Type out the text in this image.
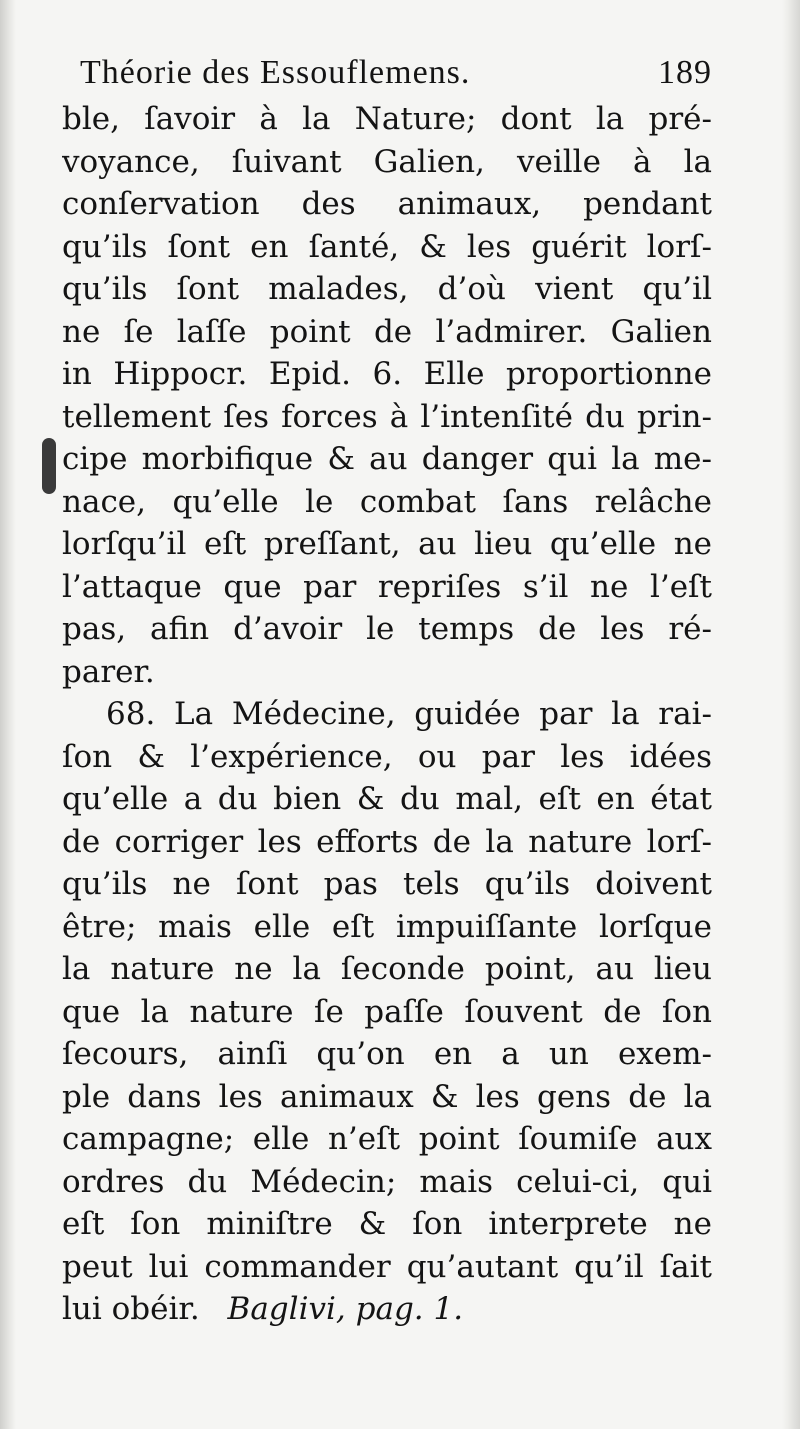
Théorie des Essouflemens.	189
ble, ſavoir à la Nature; dont la pré-
voyance, ſuivant Galien, veille à la
conſervation des animaux, pendant
qu’ils ſont en ſanté, & les guérit lorſ-
qu’ils ſont malades, d’où vient qu’il
ne ſe laſſe point de l’admirer. Galien
in Hippocr. Epid. 6. Elle proportionne
tellement ſes forces à l’intenſité du prin-
cipe morbifique & au danger qui la me-
nace, qu’elle le combat ſans relâche
lorſqu’il eſt preſſant, au lieu qu’elle ne
l’attaque que par repriſes s’il ne l’eſt
pas, afin d’avoir le temps de les ré-
parer.
68. La Médecine, guidée par la rai-
ſon & l’expérience, ou par les idées
qu’elle a du bien & du mal, eſt en état
de corriger les efforts de la nature lorſ-
qu’ils ne ſont pas tels qu’ils doivent
être; mais elle eſt impuiſſante lorſque
la nature ne la ſeconde point, au lieu
que la nature ſe paſſe ſouvent de ſon
ſecours, ainſi qu’on en a un exem-
ple dans les animaux & les gens de la
campagne; elle n’eſt point ſoumiſe aux
ordres du Médecin; mais celui-ci, qui
eſt ſon miniſtre & ſon interprete ne
peut lui commander qu’autant qu’il ſait
lui obéir. Baglivi, pag. 1.
